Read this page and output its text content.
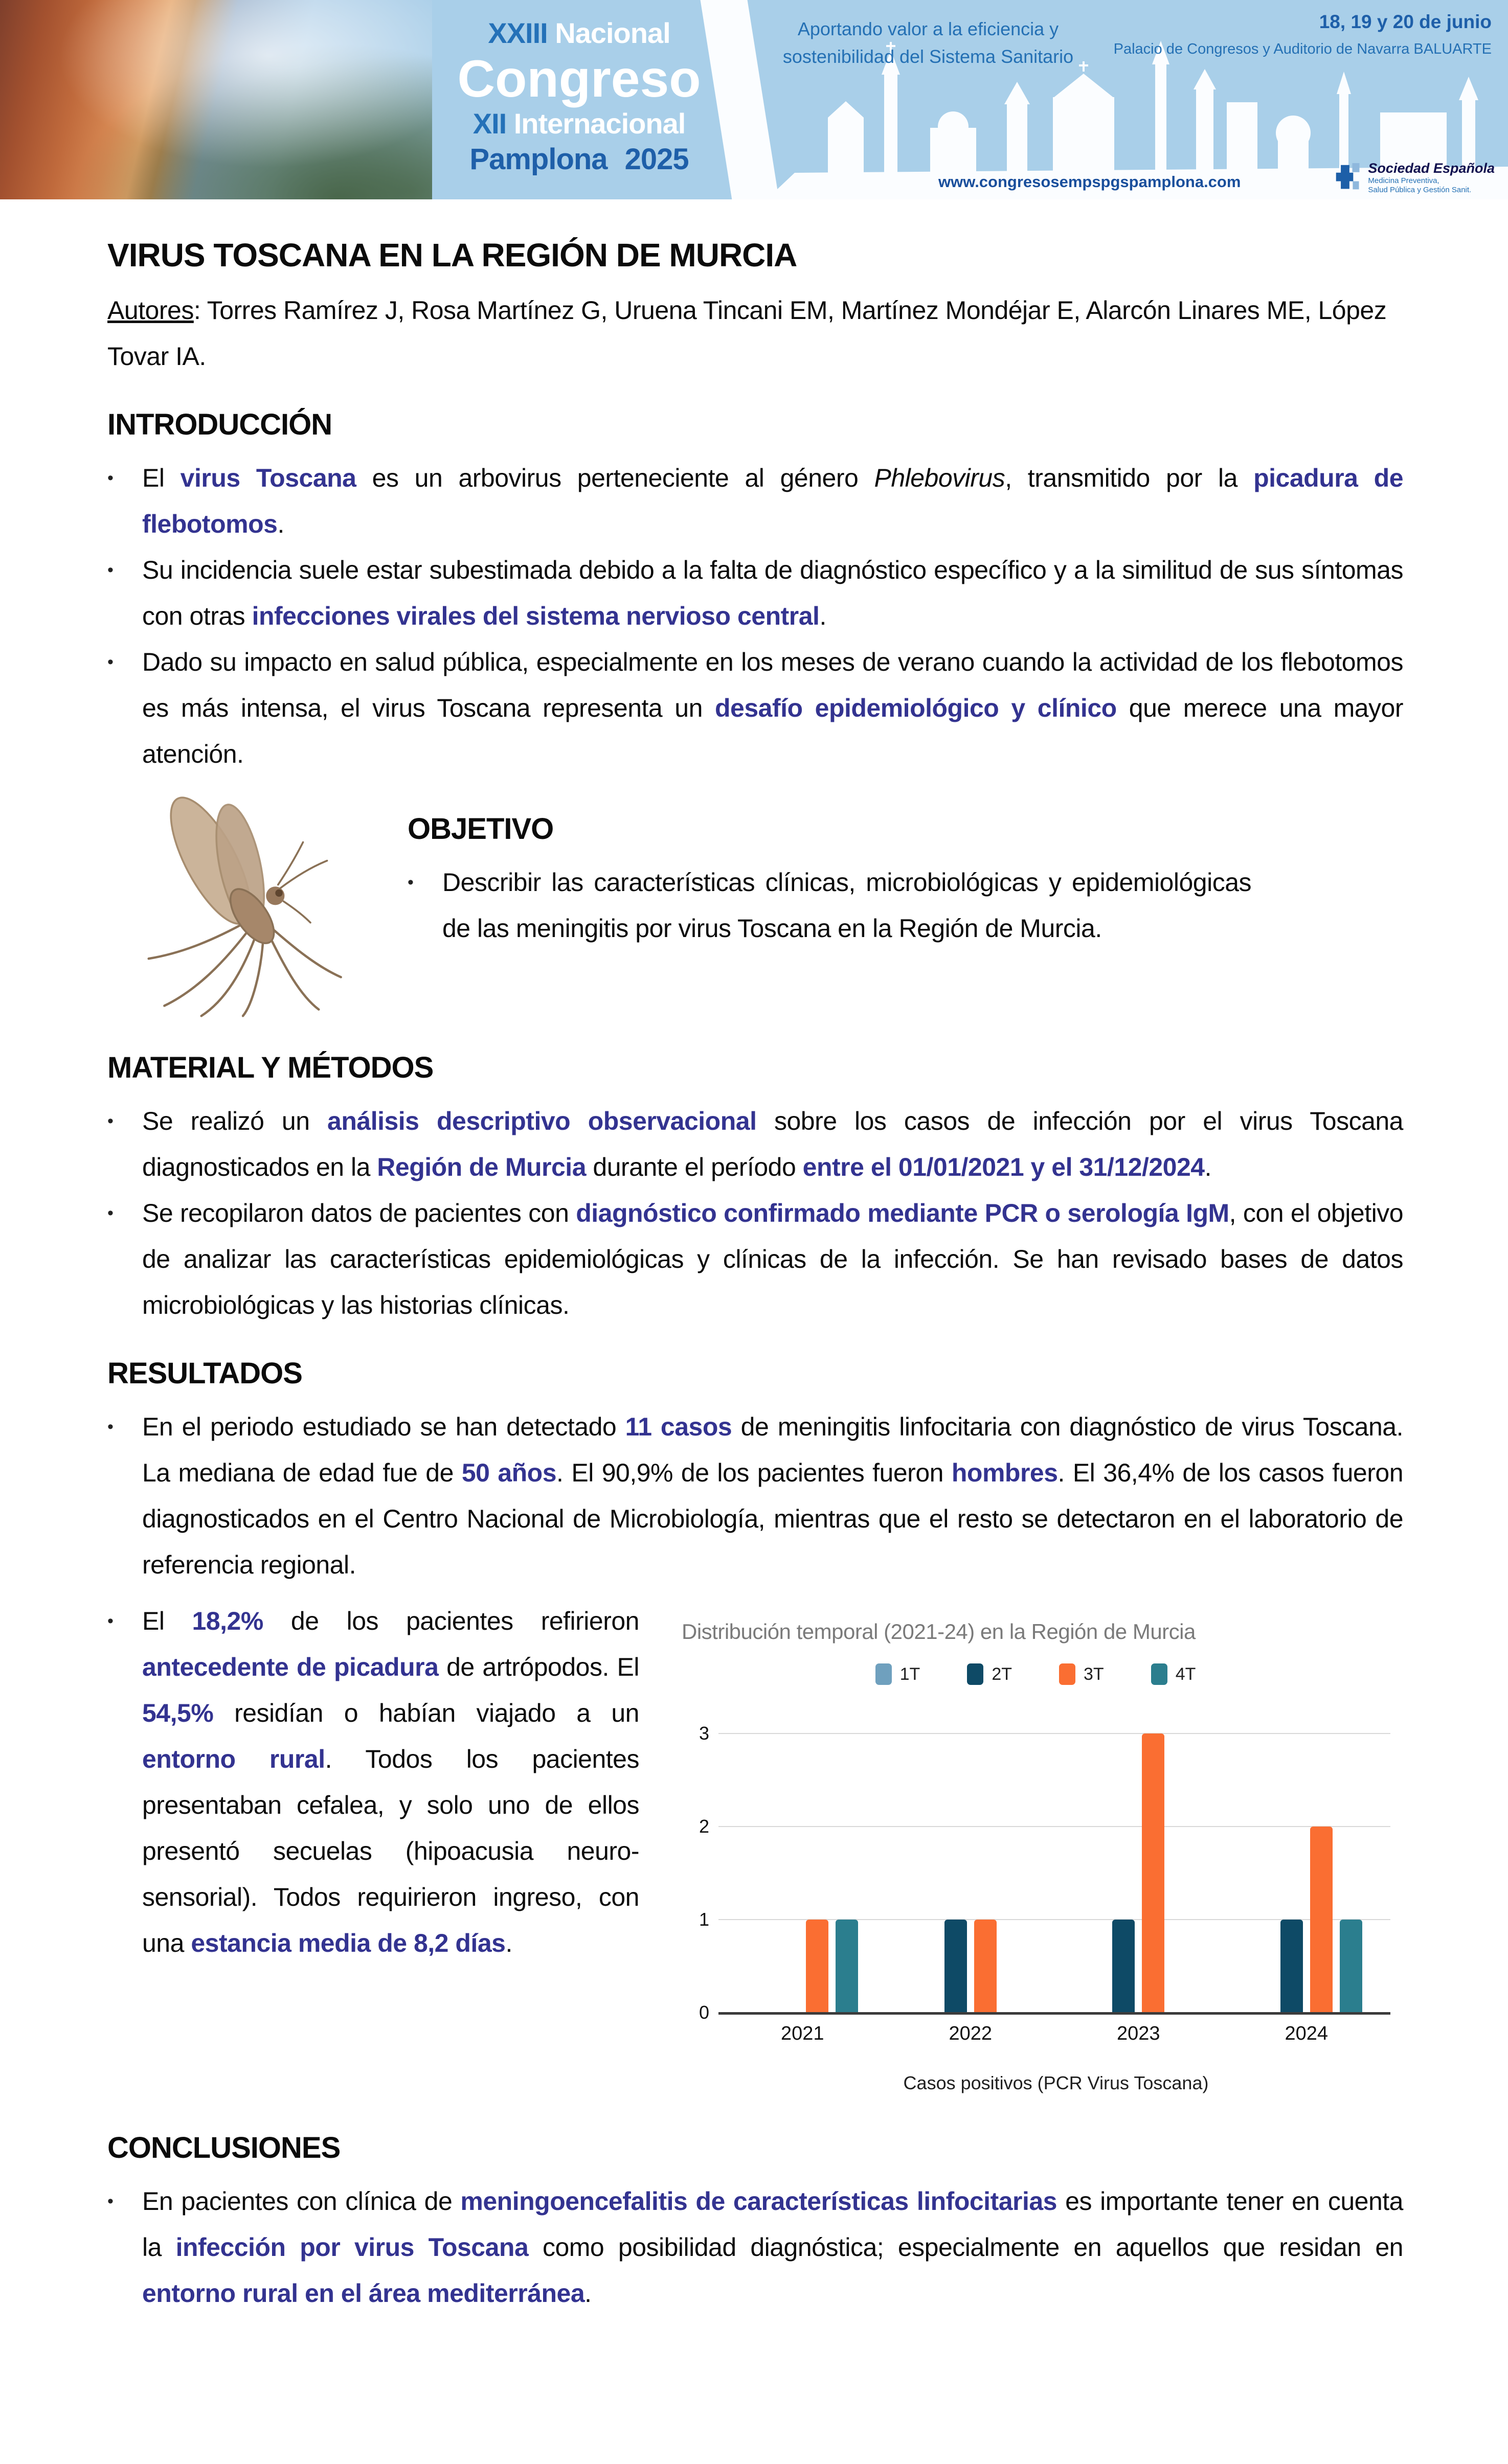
XXIII Nacional
Congreso
XII Internacional
Pamplona 2025
Aportando valor a la eficiencia y
sostenibilidad del Sistema Sanitario
18, 19 y 20 de junio
Palacio de Congresos y Auditorio de Navarra BALUARTE
www.congresosempspgspamplona.com
Sociedad Española
Medicina Preventiva,
Salud Pública y Gestión Sanit.
VIRUS TOSCANA EN LA REGIÓN DE MURCIA

Autores: Torres Ramírez J, Rosa Martínez G, Uruena Tincani EM, Martínez Mondéjar E, Alarcón Linares ME, López Tovar IA.

INTRODUCCIÓN
•	El virus Toscana es un arbovirus perteneciente al género Phlebovirus, transmitido por la picadura de flebotomos.
•	Su incidencia suele estar subestimada debido a la falta de diagnóstico específico y a la similitud de sus síntomas con otras infecciones virales del sistema nervioso central.
•	Dado su impacto en salud pública, especialmente en los meses de verano cuando la actividad de los flebotomos es más intensa, el virus Toscana representa un desafío epidemiológico y clínico que merece una mayor atención.
OBJETIVO
•	Describir las características clínicas, microbiológicas y epidemiológicas de las meningitis por virus Toscana en la Región de Murcia.
MATERIAL Y MÉTODOS
•	Se realizó un análisis descriptivo observacional sobre los casos de infección por el virus Toscana diagnosticados en la Región de Murcia durante el período entre el 01/01/2021 y el 31/12/2024.
•	Se recopilaron datos de pacientes con diagnóstico confirmado mediante PCR o serología IgM, con el objetivo de analizar las características epidemiológicas y clínicas de la infección. Se han revisado bases de datos microbiológicas y las historias clínicas.
RESULTADOS
•	En el periodo estudiado se han detectado 11 casos de meningitis linfocitaria con diagnóstico de virus Toscana. La mediana de edad fue de 50 años. El 90,9% de los pacientes fueron hombres. El 36,4% de los casos fueron diagnosticados en el Centro Nacional de Microbiología, mientras que el resto se detectaron en el laboratorio de referencia regional.
•	El 18,2% de los pacientes refirieron antecedente de picadura de artrópodos. El 54,5% residían o habían viajado a un entorno rural. Todos los pacientes presentaban cefalea, y solo uno de ellos presentó secuelas (hipoacusia neuro-sensorial). Todos requirieron ingreso, con una estancia media de 8,2 días.
Distribución temporal (2021-24) en la Región de Murcia
1T	2T	3T	4T
0
1
2
3
2021	2022	2023	2024
Casos positivos (PCR Virus Toscana)
CONCLUSIONES
•	En pacientes con clínica de meningoencefalitis de características linfocitarias es importante tener en cuenta la infección por virus Toscana como posibilidad diagnóstica; especialmente en aquellos que residan en entorno rural en el área mediterránea.
